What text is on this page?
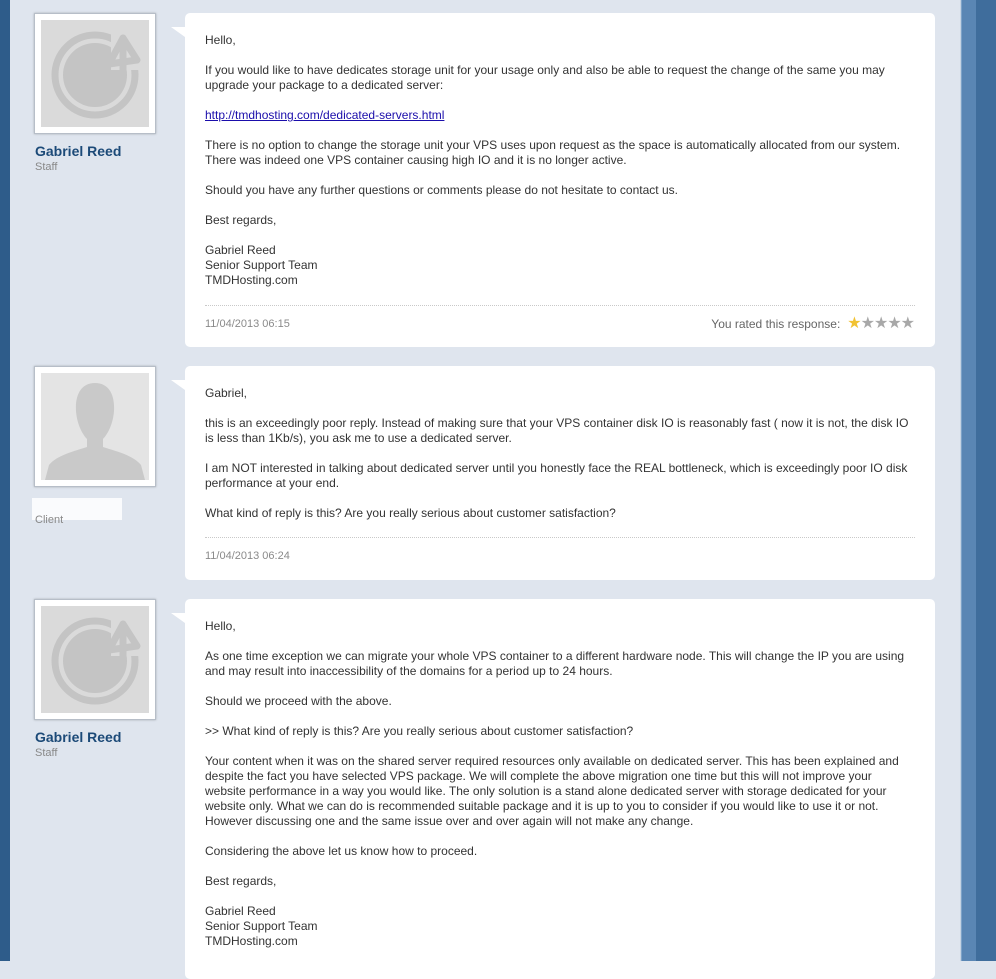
Gabriel Reed
Staff

Hello,

If you would like to have dedicates storage unit for your usage only and also be able to request the change of the same you may upgrade your package to a dedicated server:

http://tmdhosting.com/dedicated-servers.html

There is no option to change the storage unit your VPS uses upon request as the space is automatically allocated from our system. There was indeed one VPS container causing high IO and it is no longer active.

Should you have any further questions or comments please do not hesitate to contact us.

Best regards,

Gabriel Reed
Senior Support Team
TMDHosting.com

11/04/2013 06:15	You rated this response: ★ ★ ★ ★ ★
Client

Gabriel,

this is an exceedingly poor reply. Instead of making sure that your VPS container disk IO is reasonably fast ( now it is not, the disk IO is less than 1Kb/s), you ask me to use a dedicated server.

I am NOT interested in talking about dedicated server until you honestly face the REAL bottleneck, which is exceedingly poor IO disk performance at your end.

What kind of reply is this? Are you really serious about customer satisfaction?

11/04/2013 06:24
Gabriel Reed
Staff

Hello,

As one time exception we can migrate your whole VPS container to a different hardware node. This will change the IP you are using and may result into inaccessibility of the domains for a period up to 24 hours.

Should we proceed with the above.

>> What kind of reply is this? Are you really serious about customer satisfaction?

Your content when it was on the shared server required resources only available on dedicated server. This has been explained and despite the fact you have selected VPS package. We will complete the above migration one time but this will not improve your website performance in a way you would like. The only solution is a stand alone dedicated server with storage dedicated for your website only. What we can do is recommended suitable package and it is up to you to consider if you would like to use it or not. However discussing one and the same issue over and over again will not make any change.

Considering the above let us know how to proceed.

Best regards,

Gabriel Reed
Senior Support Team
TMDHosting.com
